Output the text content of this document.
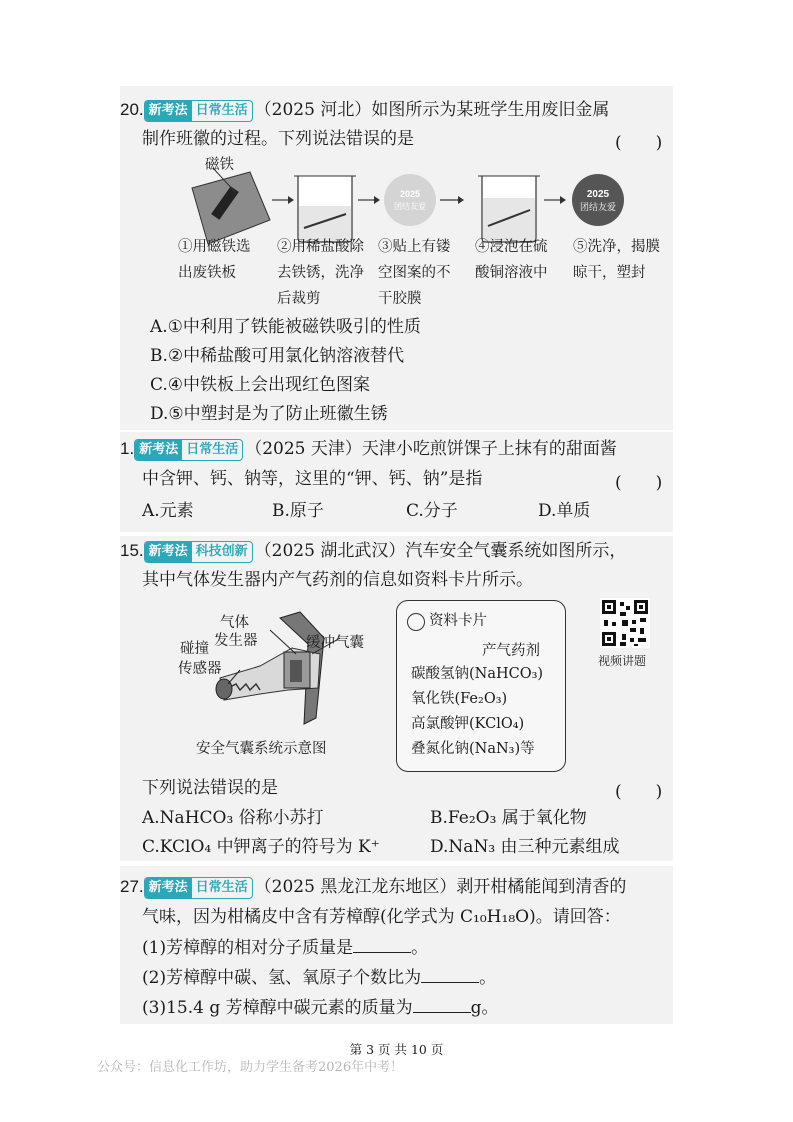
20. 新考法 日常生活 （2025 河北）如图所示为某班学生用废旧金属
制作班徽的过程。下列说法错误的是	(　　)
2025
团结友爱
2025
团结友爱
磁铁
①用磁铁选
出废铁板
②用稀盐酸除
去铁锈，洗净
后裁剪
③贴上有镂
空图案的不
干胶膜
④浸泡在硫
酸铜溶液中
⑤洗净，揭膜
晾干，塑封
A.①中利用了铁能被磁铁吸引的性质
B.②中稀盐酸可用氯化钠溶液替代
C.④中铁板上会出现红色图案
D.⑤中塑封是为了防止班徽生锈
1. 新考法 日常生活 （2025 天津）天津小吃煎饼馃子上抹有的甜面酱
中含钾、钙、钠等，这里的“钾、钙、钠”是指	(　　)
A.元素	B.原子	C.分子	D.单质
15. 新考法 科技创新 （2025 湖北武汉）汽车安全气囊系统如图所示，
其中气体发生器内产气药剂的信息如资料卡片所示。
气体
发生器
碰撞
传感器
缓冲气囊
安全气囊系统示意图
资料卡片
产气药剂
碳酸氢钠(NaHCO₃)
氧化铁(Fe₂O₃)
高氯酸钾(KClO₄)
叠氮化钠(NaN₃)等
视频讲题
下列说法错误的是	(　　)
A.NaHCO₃ 俗称小苏打	B.Fe₂O₃ 属于氧化物
C.KClO₄ 中钾离子的符号为 K⁺	D.NaN₃ 由三种元素组成
27. 新考法 日常生活 （2025 黑龙江龙东地区）剥开柑橘能闻到清香的
气味，因为柑橘皮中含有芳樟醇(化学式为 C₁₀H₁₈O)。请回答：
(1)芳樟醇的相对分子质量是	。
(2)芳樟醇中碳、氢、氧原子个数比为	。
(3)15.4 g 芳樟醇中碳元素的质量为	g。
第 3 页 共 10 页
公众号：信息化工作坊，助力学生备考2026年中考！
